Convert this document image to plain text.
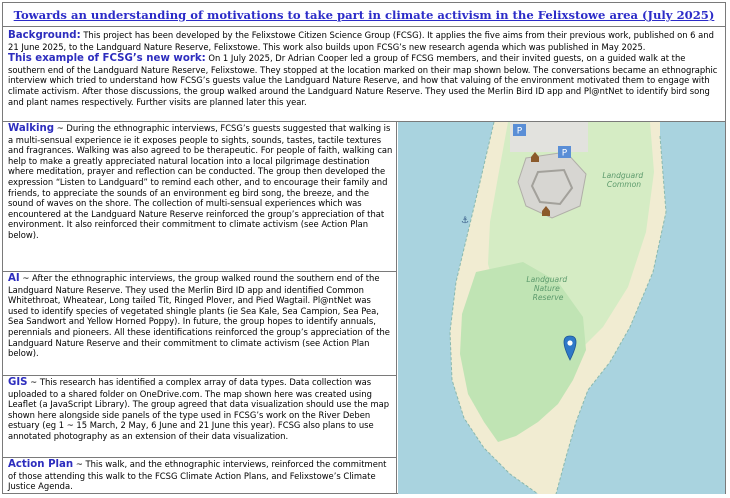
Towards an understanding of motivations to take part in climate activism in the Felixstowe area (July 2025)

Background: This project has been developed by the Felixstowe Citizen Science Group (FCSG). It applies the five aims from their previous work, published on 6 and 21 June 2025, to the Landguard Nature Reserve, Felixstowe. This work also builds upon FCSG’s new research agenda which was published in May 2025.

This example of FCSG’s new work: On 1 July 2025, Dr Adrian Cooper led a group of FCSG members, and their invited guests, on a guided walk at the southern end of the Landguard Nature Reserve, Felixstowe. They stopped at the location marked on their map shown below. The conversations became an ethnographic interview which tried to understand how FCSG’s guests value the Landguard Nature Reserve, and how that valuing of the environment motivated them to engage with climate activism. After those discussions, the group walked around the Landguard Nature Reserve. They used the Merlin Bird ID app and Pl@ntNet to identify bird song and plant names respectively. Further visits are planned later this year.

Walking ~ During the ethnographic interviews, FCSG’s guests suggested that walking is a multi-sensual experience ie it exposes people to sights, sounds, tastes, tactile textures and fragrances. Walking was also agreed to be therapeutic. For people of faith, walking can help to make a greatly appreciated natural location into a local pilgrimage destination where meditation, prayer and reflection can be conducted. The group then developed the expression “Listen to Landguard” to remind each other, and to encourage their family and friends, to appreciate the sounds of an environment eg bird song, the breeze, and the sound of waves on the shore. The collection of multi-sensual experiences which was encountered at the Landguard Nature Reserve reinforced the group’s appreciation of that environment. It also reinforced their commitment to climate activism (see Action Plan below).

AI ~ After the ethnographic interviews, the group walked round the southern end of the Landguard Nature Reserve. They used the Merlin Bird ID app and identified Common Whitethroat, Wheatear, Long tailed Tit, Ringed Plover, and Pied Wagtail. Pl@ntNet was used to identify species of vegetated shingle plants (ie Sea Kale, Sea Campion, Sea Pea, Sea Sandwort and Yellow Horned Poppy). In future, the group hopes to identify annuals, perennials and pioneers. All these identifications reinforced the group’s appreciation of the Landguard Nature Reserve and their commitment to climate activism (see Action Plan below).

GIS ~ This research has identified a complex array of data types. Data collection was uploaded to a shared folder on OneDrive.com. The map shown here was created using Leaflet (a JavaScript Library). The group agreed that data visualization should use the map shown here alongside side panels of the type used in FCSG’s work on the River Deben estuary (eg 1 ~ 15 March, 2 May, 6 June and 21 June this year). FCSG also plans to use annotated photography as an extension of their data visualization.

Action Plan ~ This walk, and the ethnographic interviews, reinforced the commitment of those attending this walk to the FCSG Climate Action Plans, and Felixstowe’s Climate Justice Agenda.

P
P
⚓
Landguard Common
Landguard Nature Reserve
